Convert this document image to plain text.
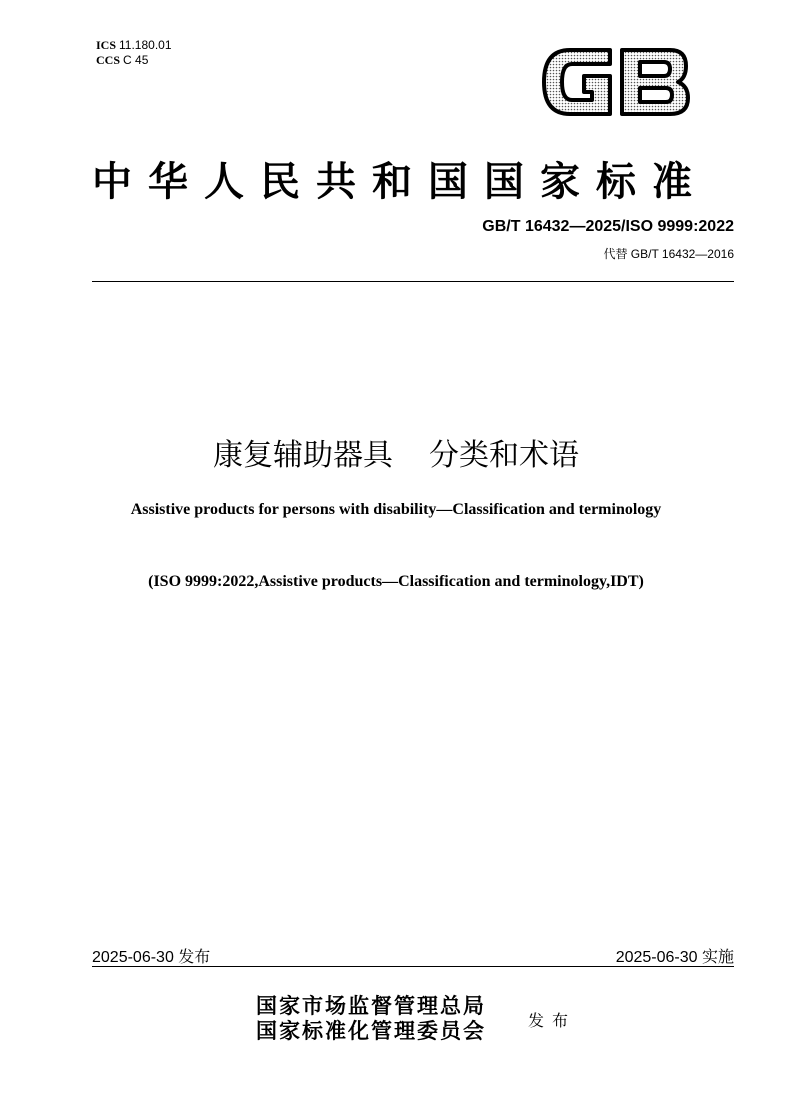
ICS 11.180.01
CCS C 45
GB
中华人民共和国国家标准
GB/T 16432—2025/ISO 9999:2022
代替 GB/T 16432—2016
康复辅助器具 分类和术语
Assistive products for persons with disability—Classification and terminology
(ISO 9999:2022,Assistive products—Classification and terminology,IDT)
2025-06-30 发布	2025-06-30 实施
国家市场监督管理总局
国家标准化管理委员会	发布
